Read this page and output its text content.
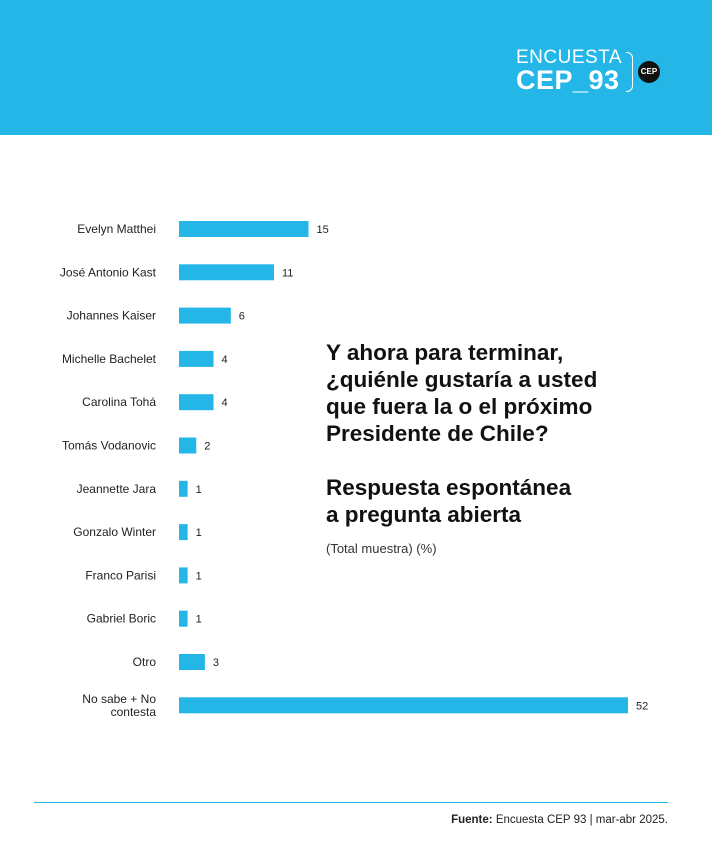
ENCUESTA
CEP_93	CEP
15
Evelyn Matthei
11
José Antonio Kast
6
Johannes Kaiser
4
Michelle Bachelet
4
Carolina Tohá
2
Tomás Vodanovic
1
Jeannette Jara
1
Gonzalo Winter
1
Franco Parisi
1
Gabriel Boric
3
Otro
52
No sabe + No contesta

Y ahora para terminar,
¿quiénle gustaría a usted
que fuera la o el próximo
Presidente de Chile?

Respuesta espontánea
a pregunta abierta

(Total muestra) (%)
Fuente: Encuesta CEP 93 | mar-abr 2025.
